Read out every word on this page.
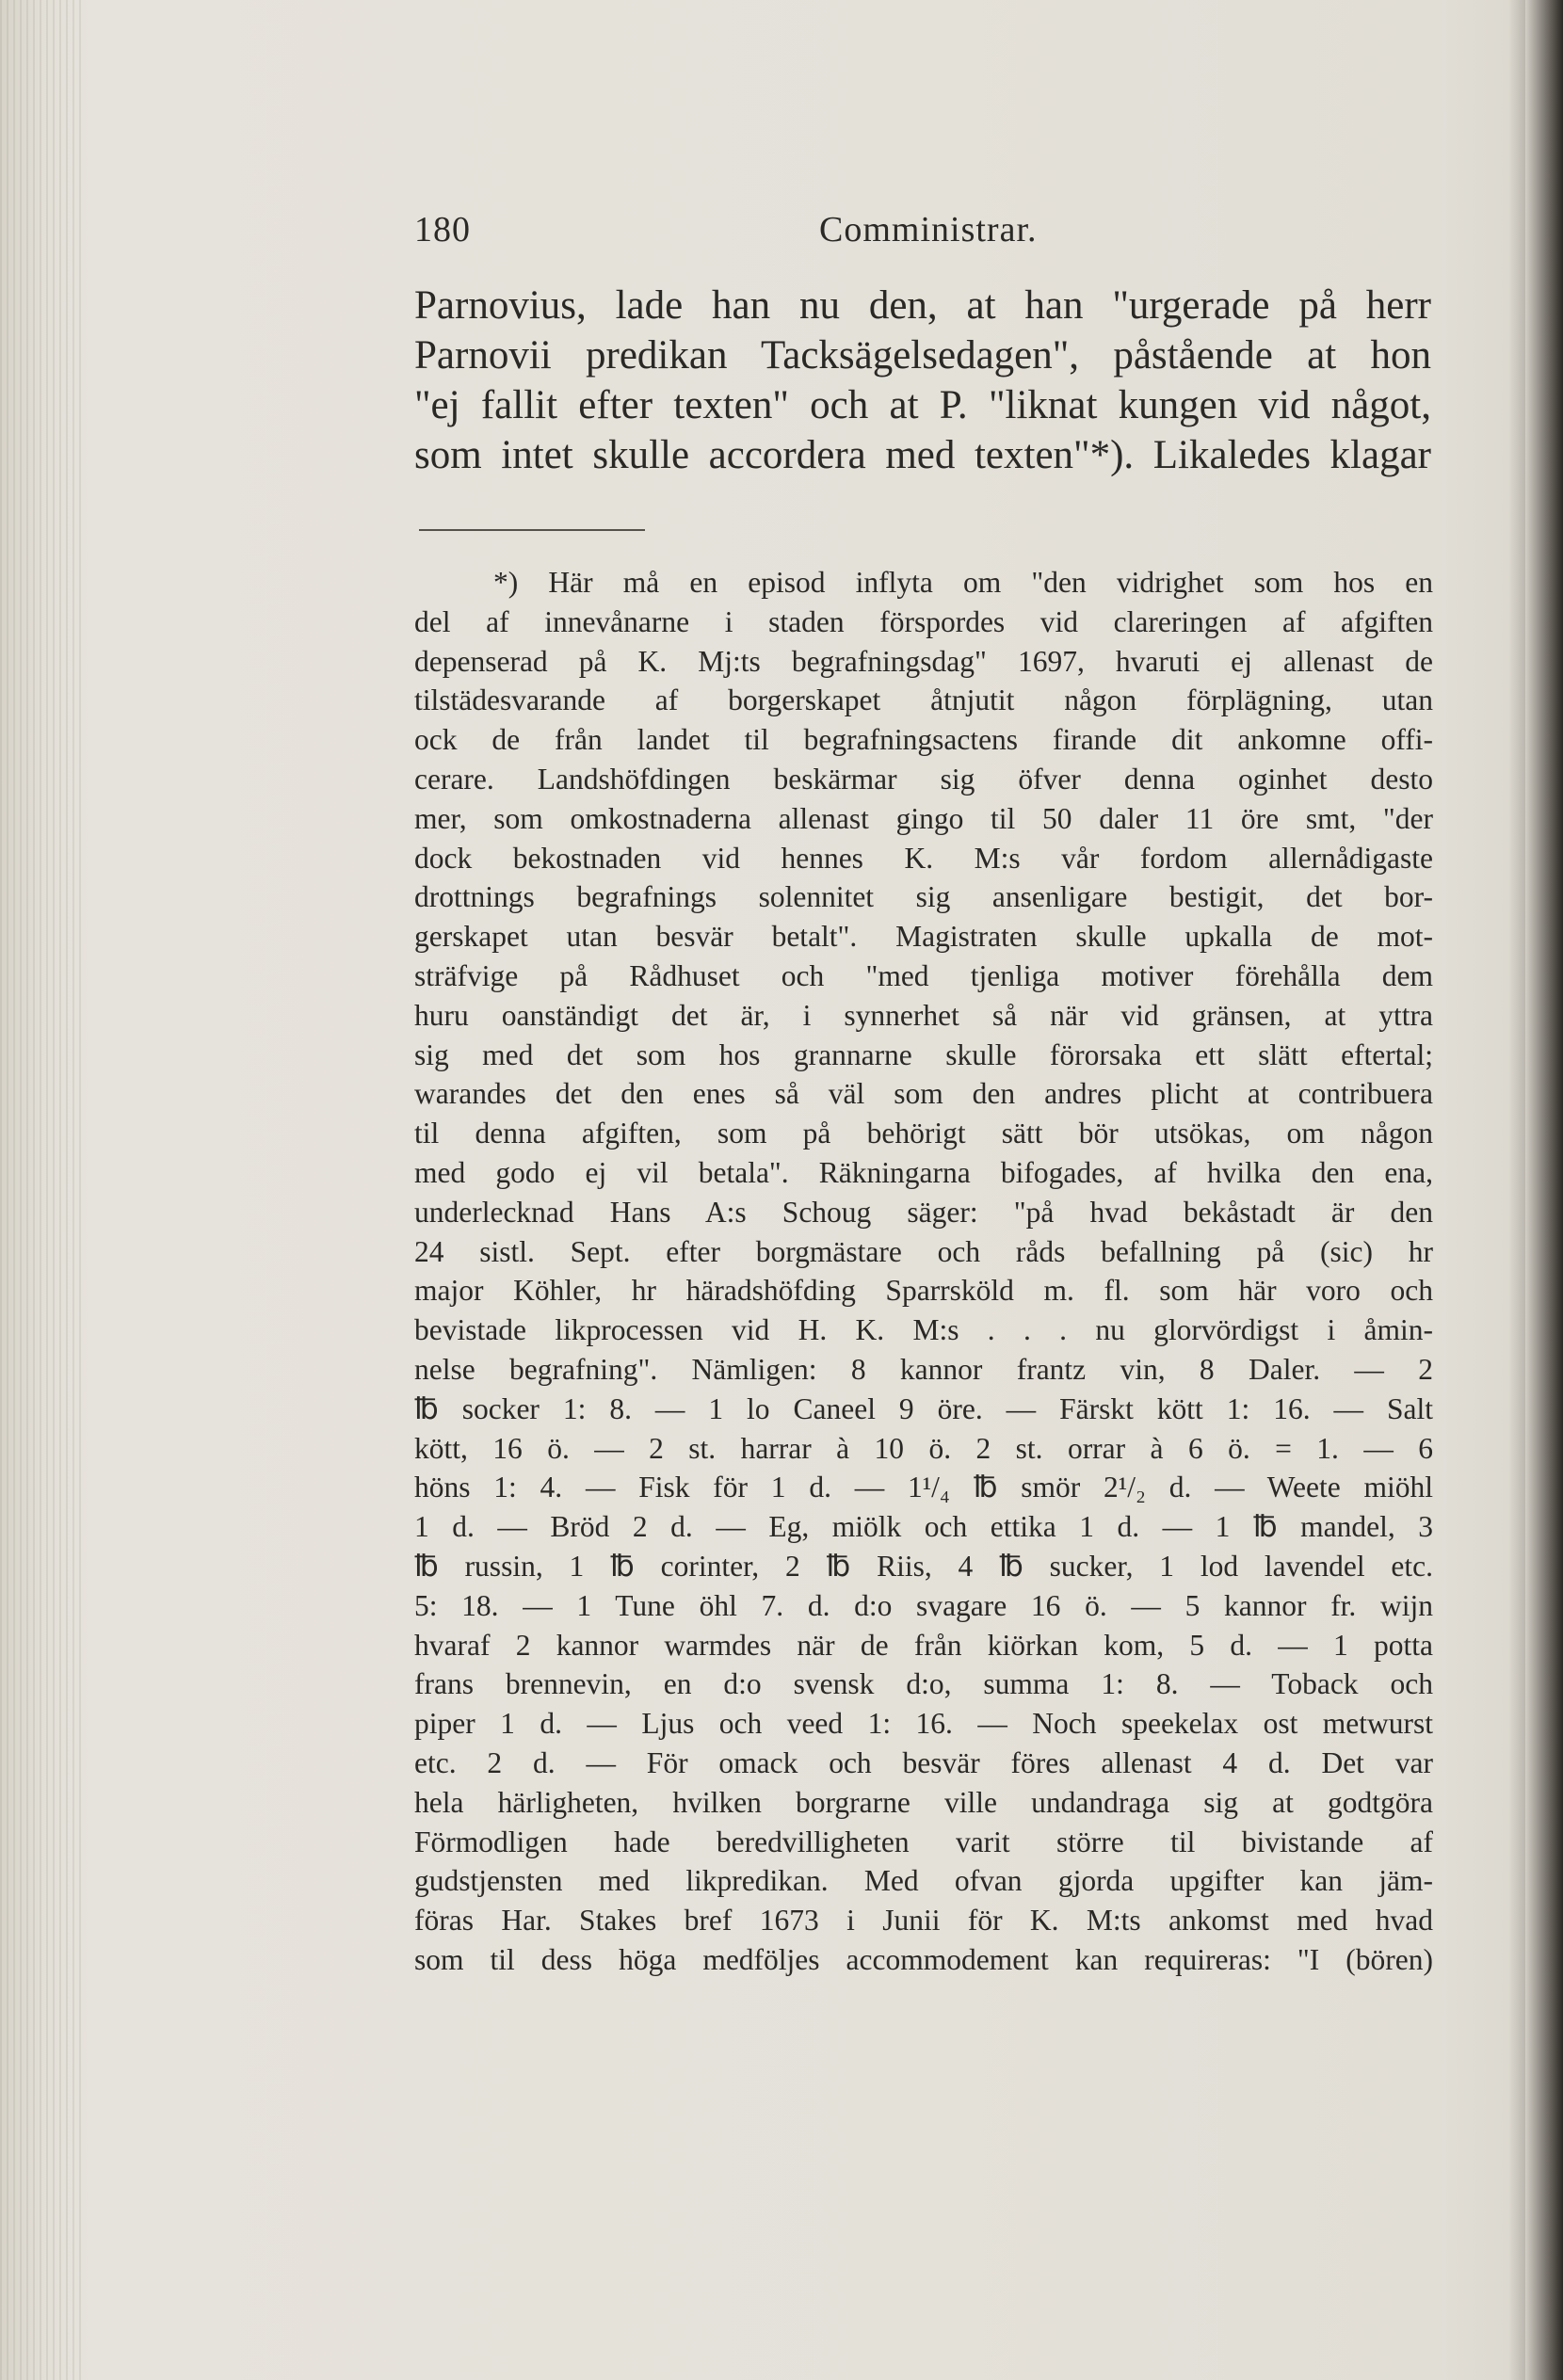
180	Comministrar.
Parnovius, lade han nu den, at han "urgerade på herr
Parnovii predikan Tacksägelsedagen", påstående at hon
"ej fallit efter texten" och at P. "liknat kungen vid något,
som intet skulle accordera med texten"*). Likaledes klagar
*) Här må en episod inflyta om "den vidrighet som hos en
del af innevånarne i staden förspordes vid clareringen af afgiften
depenserad på K. Mj:ts begrafningsdag" 1697, hvaruti ej allenast de
tilstädesvarande af borgerskapet åtnjutit någon förplägning, utan
ock de från landet til begrafningsactens firande dit ankomne offi-
cerare. Landshöfdingen beskärmar sig öfver denna oginhet desto
mer, som omkostnaderna allenast gingo til 50 daler 11 öre smt, "der
dock bekostnaden vid hennes K. M:s vår fordom allernådigaste
drottnings begrafnings solennitet sig ansenligare bestigit, det bor-
gerskapet utan besvär betalt". Magistraten skulle upkalla de mot-
sträfvige på Rådhuset och "med tjenliga motiver förehålla dem
huru oanständigt det är, i synnerhet så när vid gränsen, at yttra
sig med det som hos grannarne skulle förorsaka ett slätt eftertal;
warandes det den enes så väl som den andres plicht at contribuera
til denna afgiften, som på behörigt sätt bör utsökas, om någon
med godo ej vil betala". Räkningarna bifogades, af hvilka den ena,
underlecknad Hans A:s Schoug säger: "på hvad bekåstadt är den
24 sistl. Sept. efter borgmästare och råds befallning på (sic) hr
major Köhler, hr häradshöfding Sparrsköld m. fl. som här voro och
bevistade likprocessen vid H. K. M:s . . . nu glorvördigst i åmin-
nelse begrafning". Nämligen: 8 kannor frantz vin, 8 Daler. — 2
℔ socker 1: 8. — 1 lo Caneel 9 öre. — Färskt kött 1: 16. — Salt
kött, 16 ö. — 2 st. harrar à 10 ö. 2 st. orrar à 6 ö. = 1. — 6
höns 1: 4. — Fisk för 1 d. — 1¹/₄ ℔ smör 2¹/₂ d. — Weete miöhl
1 d. — Bröd 2 d. — Eg, miölk och ettika 1 d. — 1 ℔ mandel, 3
℔ russin, 1 ℔ corinter, 2 ℔ Riis, 4 ℔ sucker, 1 lod lavendel etc.
5: 18. — 1 Tune öhl 7. d. d:o svagare 16 ö. — 5 kannor fr. wijn
hvaraf 2 kannor warmdes när de från kiörkan kom, 5 d. — 1 potta
frans brennevin, en d:o svensk d:o, summa 1: 8. — Toback och
piper 1 d. — Ljus och veed 1: 16. — Noch speekelax ost metwurst
etc. 2 d. — För omack och besvär föres allenast 4 d. Det var
hela härligheten, hvilken borgrarne ville undandraga sig at godtgöra
Förmodligen hade beredvilligheten varit större til bivistande af
gudstjensten med likpredikan. Med ofvan gjorda upgifter kan jäm-
föras Har. Stakes bref 1673 i Junii för K. M:ts ankomst med hvad
som til dess höga medföljes accommodement kan requireras: "I (bören)
